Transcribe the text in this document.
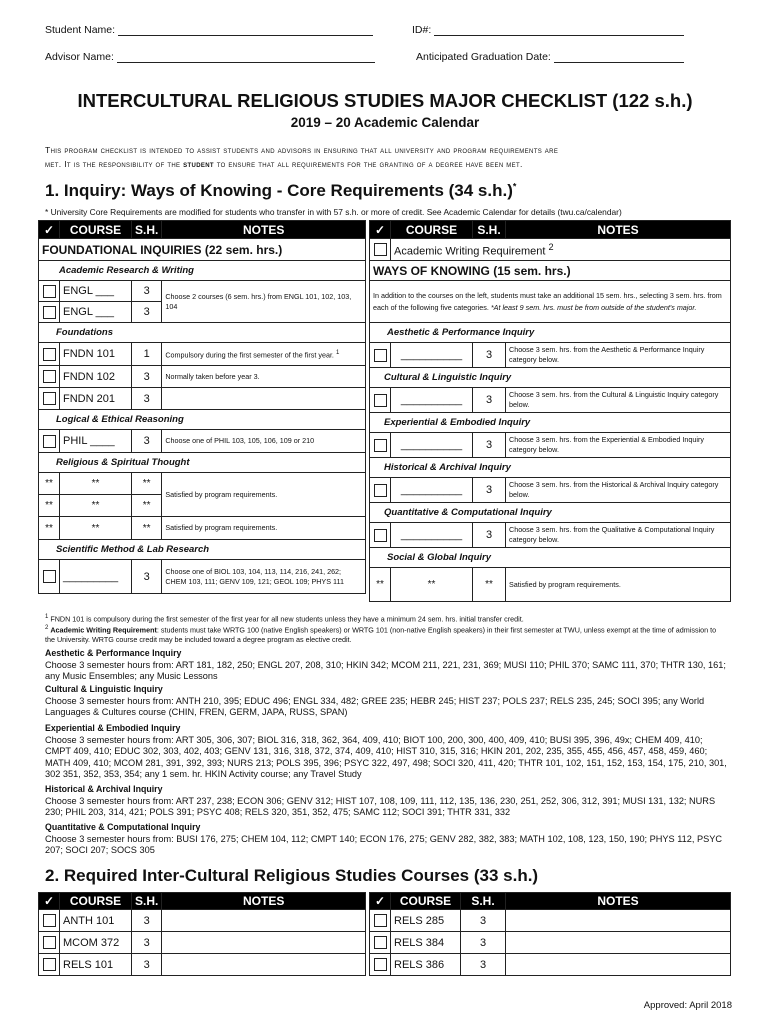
Student Name:	ID#:
Advisor Name:	Anticipated Graduation Date:
INTERCULTURAL RELIGIOUS STUDIES MAJOR CHECKLIST (122 s.h.)
2019 – 20 Academic Calendar
This program checklist is intended to assist students and advisors in ensuring that all university and program requirements are
met. It is the responsibility of the student to ensure that all requirements for the granting of a degree have been met.
1. Inquiry: Ways of Knowing - Core Requirements (34 s.h.)*
* University Core Requirements are modified for students who transfer in with 57 s.h. or more of credit. See Academic Calendar for details (twu.ca/calendar)
✓	COURSE	S.H.	NOTES
FOUNDATIONAL INQUIRIES (22 sem. hrs.)			
Academic Research & Writing			
	ENGL ___	3	Choose 2 courses (6 sem. hrs.) from ENGL 101, 102, 103, 104
	ENGL ___	3	
Foundations			
	FNDN 101	1	Compulsory during the first semester of the first year. $^1$
	FNDN 102	3	Normally taken before year 3.
	FNDN 201	3	
Logical & Ethical Reasoning			
	PHIL ____	3	Choose one of PHIL 103, 105, 106, 109 or 210
Religious & Spiritual Thought			
**	**	**	Satisfied by program requirements.
**	**	**	
**	**	**	Satisfied by program requirements.
Scientific Method & Lab Research			
	_________	3	Choose one of BIOL 103, 104, 113, 114, 216, 241, 262; CHEM 103, 111; GENV 109, 121; GEOL 109; PHYS 111
✓	COURSE	S.H.	NOTES
	Academic Writing Requirement $^2$
WAYS OF KNOWING (15 sem. hrs.)			
In addition to the courses on the left, students must take an additional 15 sem. hrs., selecting 3 sem. hrs. from each of the following five categories. *At least 9 sem. hrs. must be from outside of the student's major.			
Aesthetic & Performance Inquiry			
	__________	3	Choose 3 sem. hrs. from the Aesthetic & Performance Inquiry category below.
Cultural & Linguistic Inquiry			
	__________	3	Choose 3 sem. hrs. from the Cultural & Linguistic Inquiry category below.
Experiential & Embodied Inquiry			
	__________	3	Choose 3 sem. hrs. from the Experiential & Embodied Inquiry category below.
Historical & Archival Inquiry			
	__________	3	Choose 3 sem. hrs. from the Historical & Archival Inquiry category below.
Quantitative & Computational Inquiry			
	__________	3	Choose 3 sem. hrs. from the Qualitative & Computational Inquiry category below.
Social & Global Inquiry			
**	**	**	Satisfied by program requirements.
$^1$ FNDN 101 is compulsory during the first semester of the first year for all new students unless they have a minimum 24 sem. hrs. initial transfer credit.
$^2$ Academic Writing Requirement: students must take WRTG 100 (native English speakers) or WRTG 101 (non-native English speakers) in their first semester at TWU, unless exempt at the time of admission to the University. WRTG course credit may be included toward a degree program as elective credit.
Aesthetic & Performance Inquiry
Choose 3 semester hours from: ART 181, 182, 250; ENGL 207, 208, 310; HKIN 342; MCOM 211, 221, 231, 369; MUSI 110; PHIL 370; SAMC 111, 370; THTR 130, 161; any Music Ensembles; any Music Lessons
Cultural & Linguistic Inquiry
Choose 3 semester hours from: ANTH 210, 395; EDUC 496; ENGL 334, 482; GREE 235; HEBR 245; HIST 237; POLS 237; RELS 235, 245; SOCI 395; any World Languages & Cultures course (CHIN, FREN, GERM, JAPA, RUSS, SPAN)
Experiential & Embodied Inquiry
Choose 3 semester hours from: ART 305, 306, 307; BIOL 316, 318, 362, 364, 409, 410; BIOT 100, 200, 300, 400, 409, 410; BUSI 395, 396, 49x; CHEM 409, 410; CMPT 409, 410; EDUC 302, 303, 402, 403; GENV 131, 316, 318, 372, 374, 409, 410; HIST 310, 315, 316; HKIN 201, 202, 235, 355, 455, 456, 457, 458, 459, 460; MATH 409, 410; MCOM 281, 391, 392, 393; NURS 213; POLS 395, 396; PSYC 322, 497, 498; SOCI 320, 411, 420; THTR 101, 102, 151, 152, 153, 154, 175, 210, 301, 302 351, 352, 353, 354; any 1 sem. hr. HKIN Activity course; any Travel Study
Historical & Archival Inquiry
Choose 3 semester hours from: ART 237, 238; ECON 306; GENV 312; HIST 107, 108, 109, 111, 112, 135, 136, 230, 251, 252, 306, 312, 391; MUSI 131, 132; NURS 230; PHIL 203, 314, 421; POLS 391; PSYC 408; RELS 320, 351, 352, 475; SAMC 112; SOCI 391; THTR 331, 332
Quantitative & Computational Inquiry
Choose 3 semester hours from: BUSI 176, 275; CHEM 104, 112; CMPT 140; ECON 176, 275; GENV 282, 382, 383; MATH 102, 108, 123, 150, 190; PHYS 112, PSYC 207; SOCI 207; SOCS 305
2. Required Inter-Cultural Religious Studies Courses (33 s.h.)
✓	COURSE	S.H.	NOTES
	ANTH 101	3	
	MCOM 372	3	
	RELS 101	3	
✓	COURSE	S.H.	NOTES
	RELS 285	3	
	RELS 384	3	
	RELS 386	3	
Approved: April 2018
